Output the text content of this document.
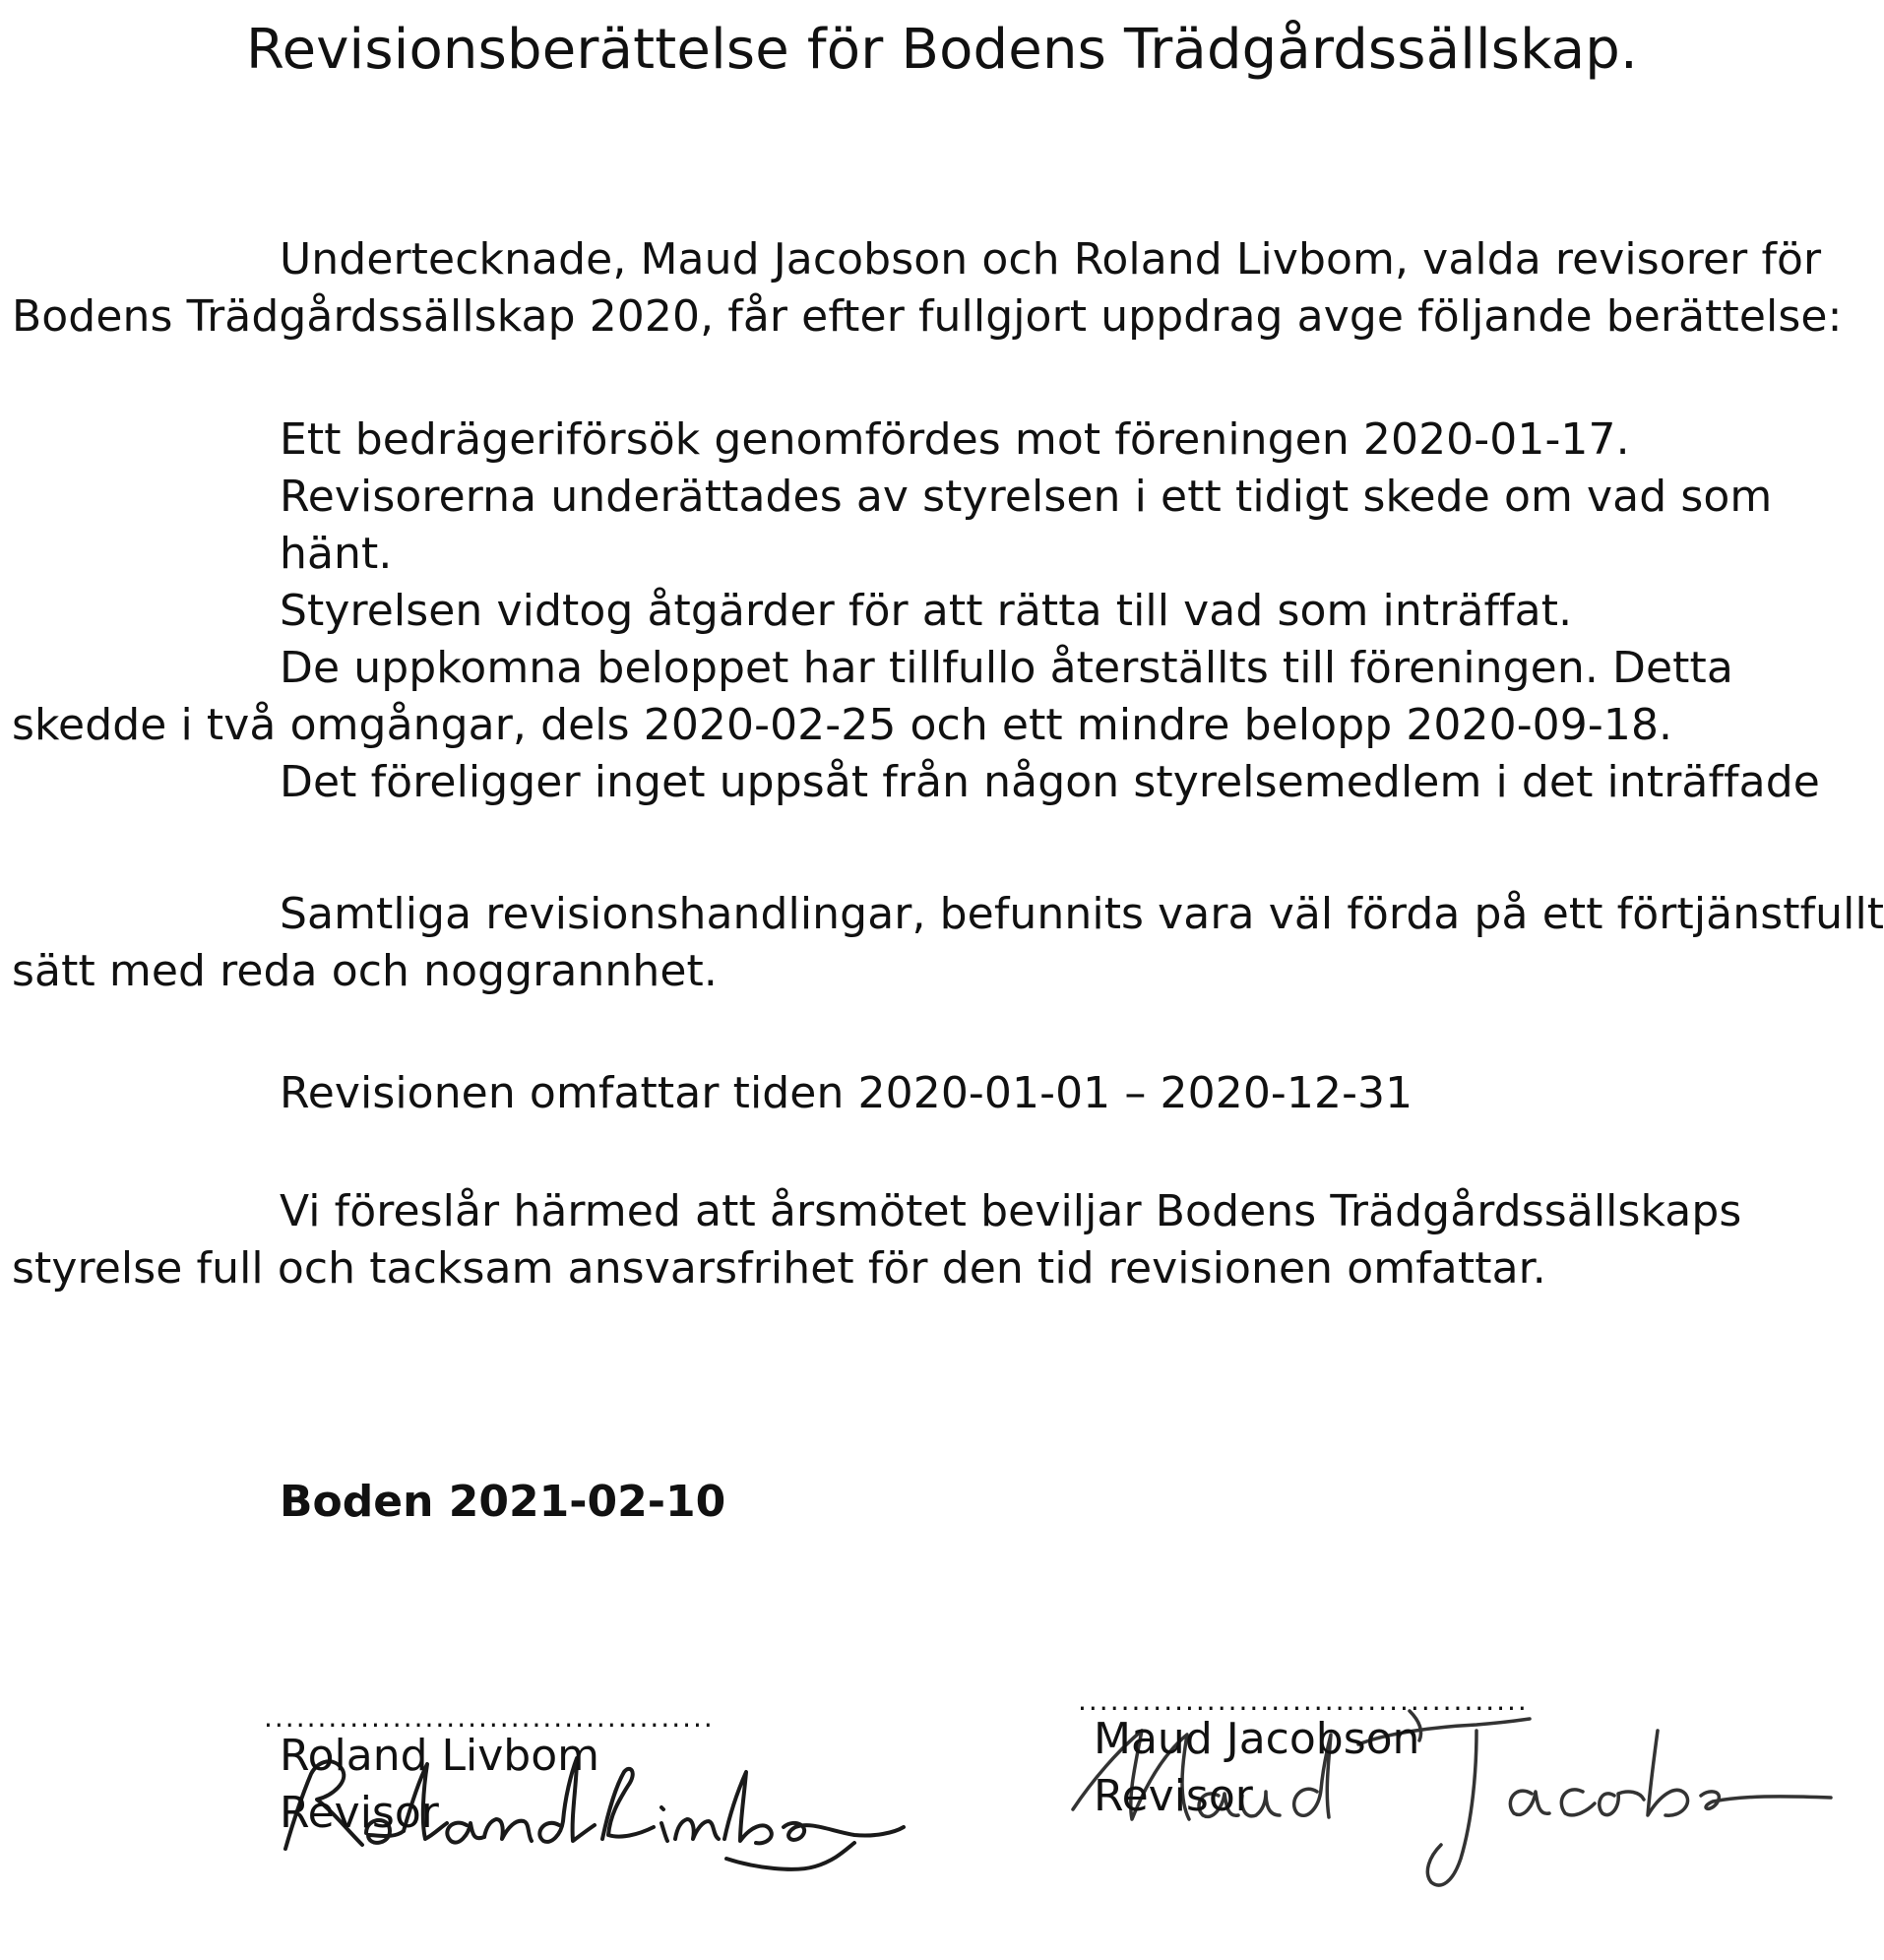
Revisionsberättelse för Bodens Trädgårdssällskap.
Undertecknade, Maud Jacobson och Roland Livbom, valda revisorer för
Bodens Trädgårdssällskap 2020, får efter fullgjort uppdrag avge följande berättelse:
Ett bedrägeriförsök genomfördes mot föreningen 2020-01-17.
Revisorerna underättades av styrelsen i ett tidigt skede om vad som
hänt.
Styrelsen vidtog åtgärder för att rätta till vad som inträffat.
De uppkomna beloppet har tillfullo återställts till föreningen. Detta
skedde i två omgångar, dels 2020-02-25 och ett mindre belopp 2020-09-18.
Det föreligger inget uppsåt från någon styrelsemedlem i det inträffade
Samtliga revisionshandlingar, befunnits vara väl förda på ett förtjänstfullt
sätt med reda och noggrannhet.
Revisionen omfattar tiden 2020-01-01 – 2020-12-31
Vi föreslår härmed att årsmötet beviljar Bodens Trädgårdssällskaps
styrelse full och tacksam ansvarsfrihet för den tid revisionen omfattar.
Boden 2021-02-10
..........................................
Roland Livbom
Revisor
..........................................
Maud Jacobson
Revisor
